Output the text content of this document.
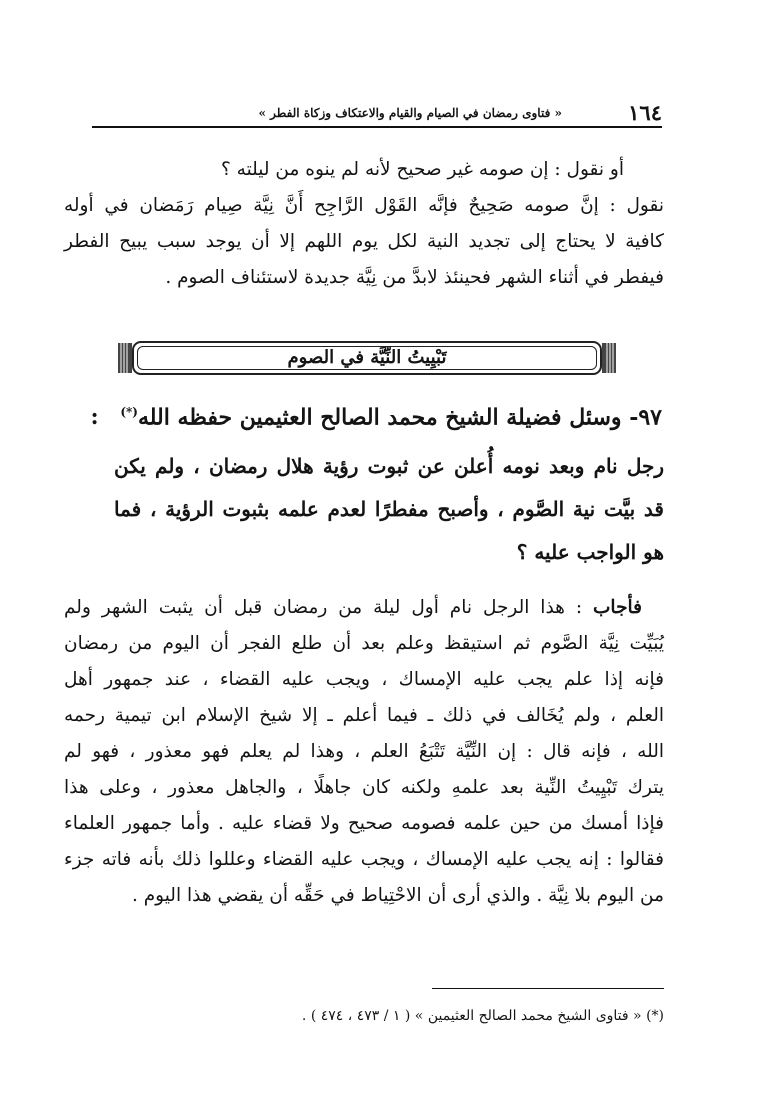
١٦٤
« فتاوى رمضان في الصيام والقيام والاعتكاف وزكاة الفطر »
أو نقول : إن صومه غير صحيح لأنه لم ينوه من ليلته ؟
نقول : إنَّ صومه صَحِيحٌ فإنَّه القَوْل الرَّاجِح أَنَّ نِيَّة صِيام رَمَضان في أوله
كافية لا يحتاج إلى تجديد النية لكل يوم اللهم إلا أن يوجد سبب يبيح الفطر
فيفطر في أثناء الشهر فحينئذ لابدَّ من نِيَّة جديدة لاستئناف الصوم .
تَبْيِيتُ النِّيَّة في الصوم
٩٧- وسئل فضيلة الشيخ محمد الصالح العثيمين حفظه الله(*) :
رجل نام وبعد نومه أُعلن عن ثبوت رؤية هلال رمضان ، ولم يكن
قد بيَّت نية الصَّوم ، وأصبح مفطرًا لعدم علمه بثبوت الرؤية ، فما
هو الواجب عليه ؟
فأجاب : هذا الرجل نام أول ليلة من رمضان قبل أن يثبت الشهر ولم
يُبَيِّت نِيَّة الصَّوم ثم استيقظ وعلم بعد أن طلع الفجر أن اليوم من رمضان
فإنه إذا علم يجب عليه الإمساك ، ويجب عليه القضاء ، عند جمهور أهل
العلم ، ولم يُخَالف في ذلك ـ فيما أعلم ـ إلا شيخ الإسلام ابن تيمية رحمه
الله ، فإنه قال : إن النِّيَّة تَتْبَعُ العلم ، وهذا لم يعلم فهو معذور ، فهو لم
يترك تَبْيِيتُ النِّية بعد علمهِ ولكنه كان جاهلًا ، والجاهل معذور ، وعلى هذا
فإذا أمسك من حين علمه فصومه صحيح ولا قضاء عليه . وأما جمهور العلماء
فقالوا : إنه يجب عليه الإمساك ، ويجب عليه القضاء وعللوا ذلك بأنه فاته جزء
من اليوم بلا نِيَّة . والذي أرى أن الاحْتِياط في حَقِّه أن يقضي هذا اليوم .
(*) « فتاوى الشيخ محمد الصالح العثيمين » ( ١ / ٤٧٣ ، ٤٧٤ ) .
